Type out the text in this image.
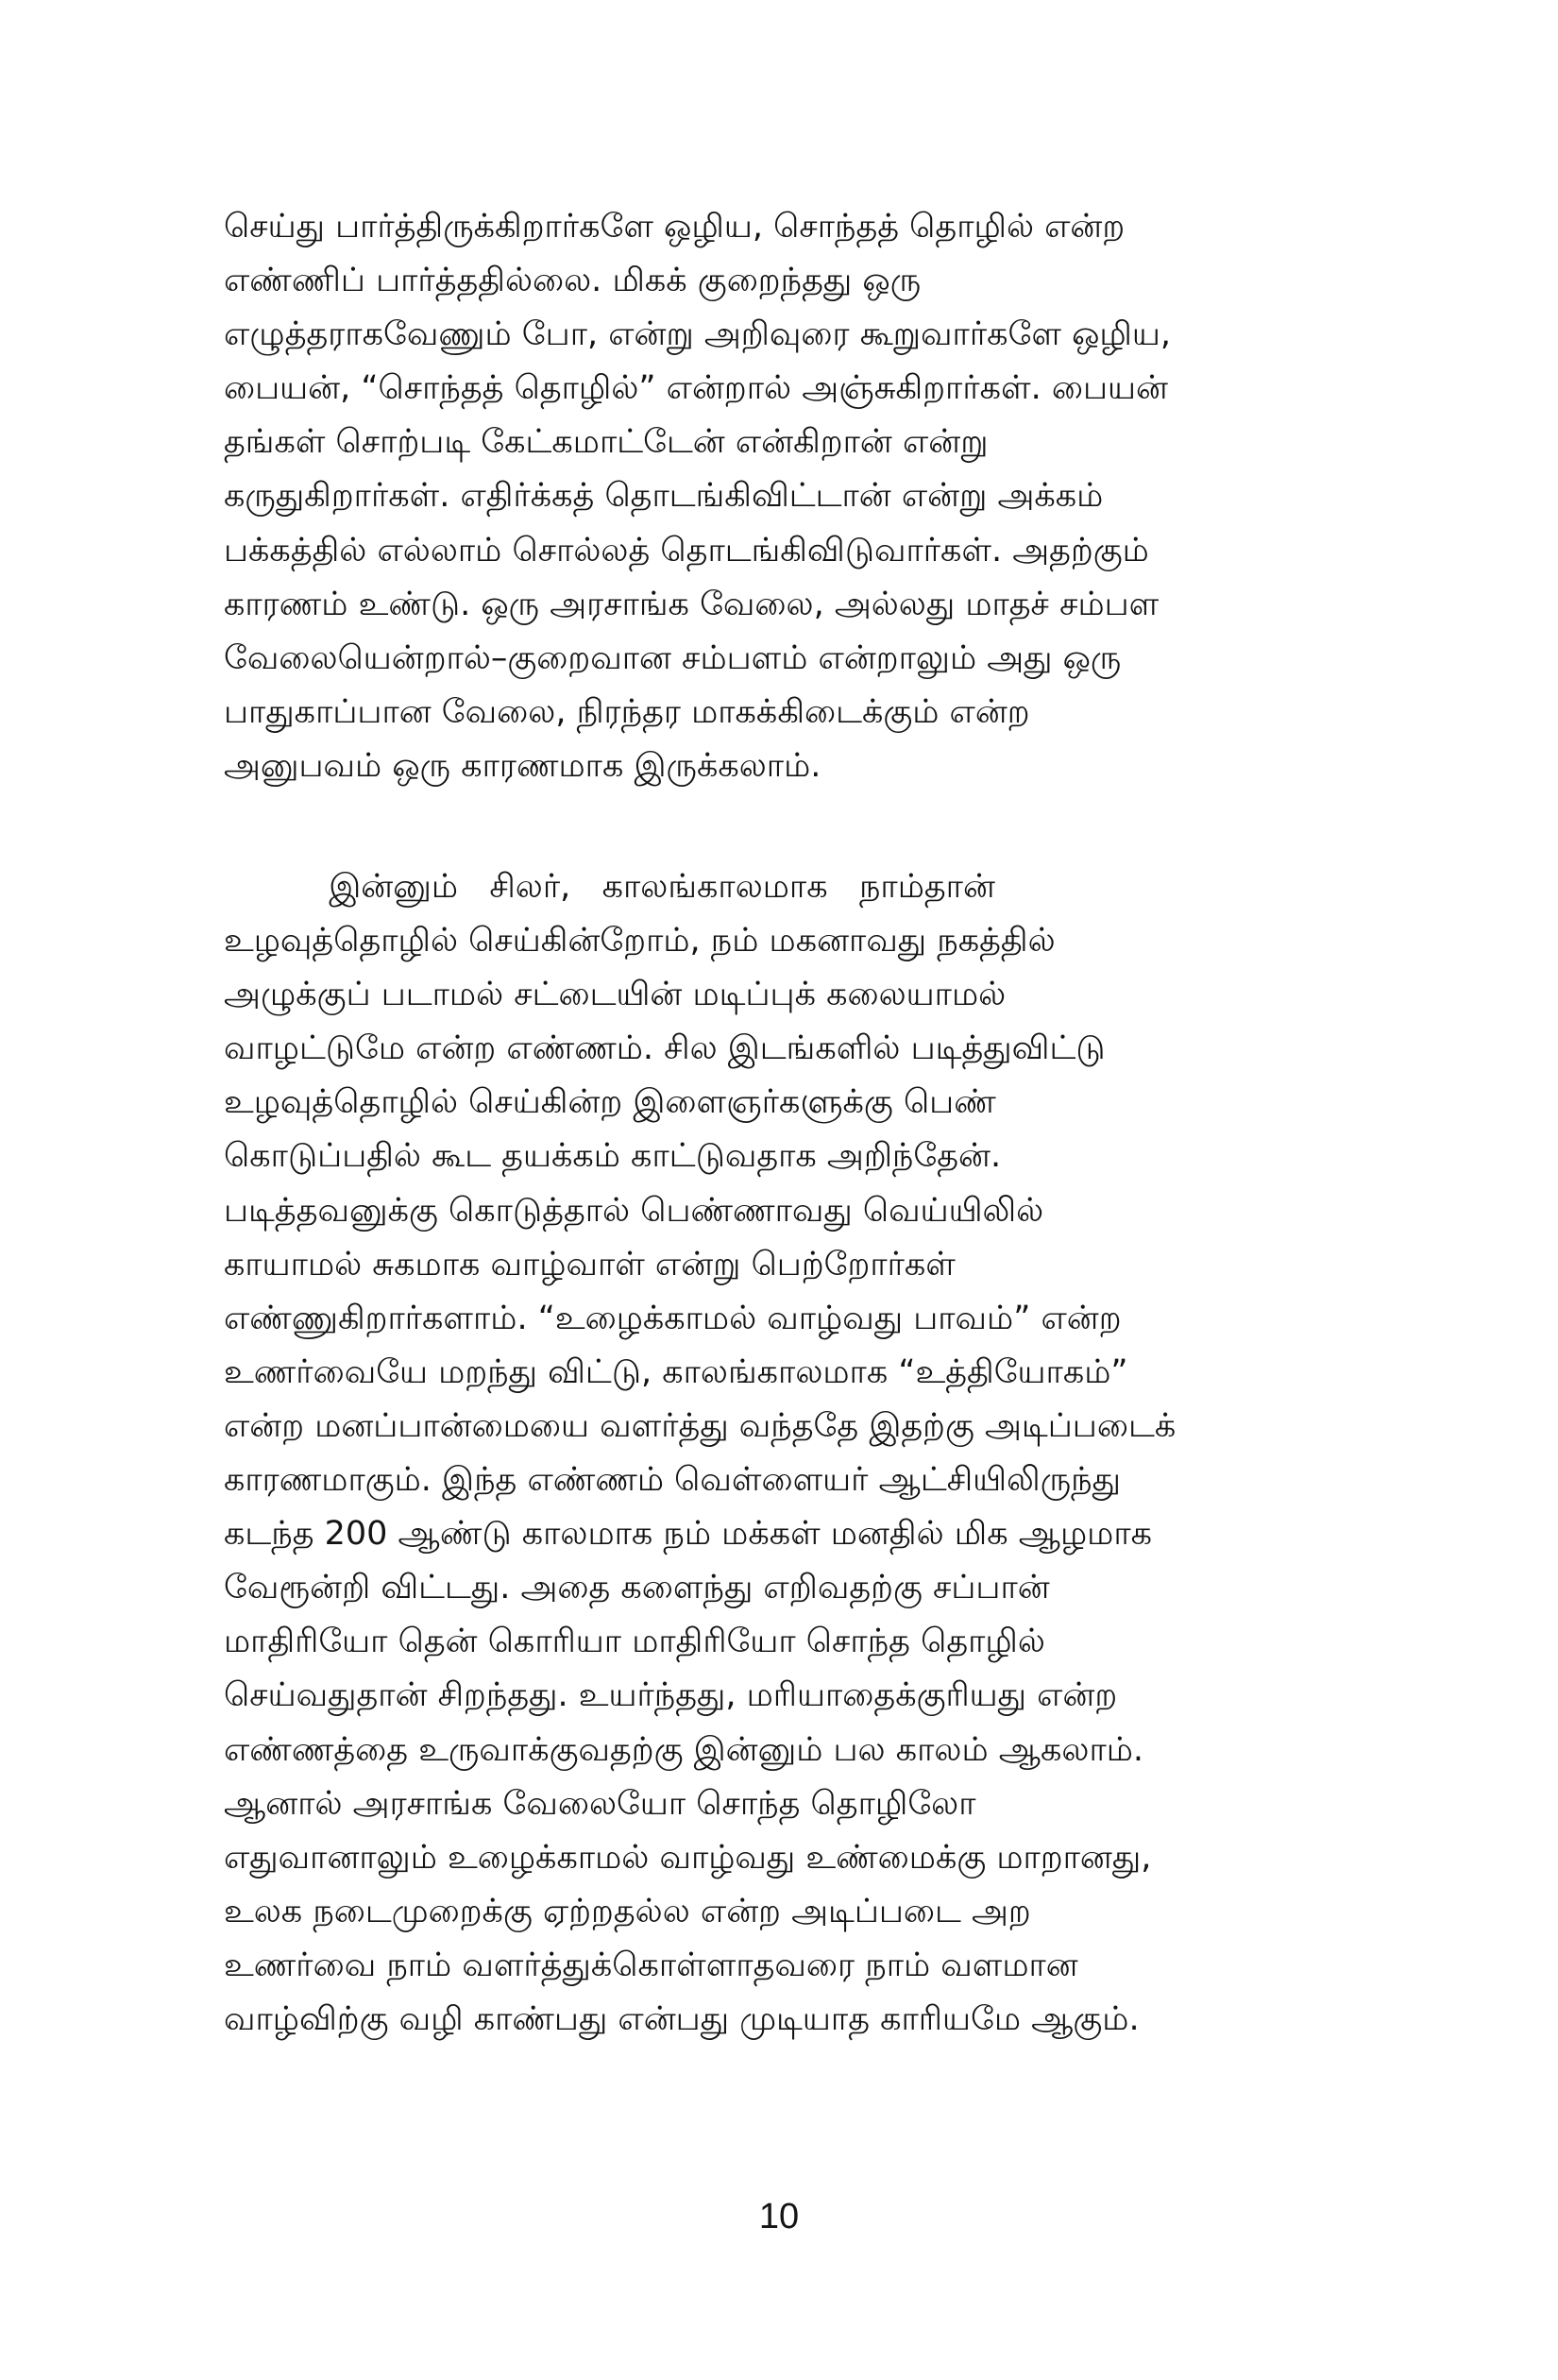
செய்து பார்த்திருக்கிறார்களே ஒழிய, சொந்தத் தொழில் என்ற
எண்ணிப் பார்த்ததில்லை. மிகக் குறைந்தது ஒரு
எழுத்தராகவேணும் போ, என்று அறிவுரை கூறுவார்களே ஒழிய,
பையன், “சொந்தத் தொழில்” என்றால் அஞ்சுகிறார்கள். பையன்
தங்கள் சொற்படி கேட்கமாட்டேன் என்கிறான் என்று
கருதுகிறார்கள். எதிர்க்கத் தொடங்கிவிட்டான் என்று அக்கம்
பக்கத்தில் எல்லாம் சொல்லத் தொடங்கிவிடுவார்கள். அதற்கும்
காரணம் உண்டு. ஒரு அரசாங்க வேலை, அல்லது மாதச் சம்பள
வேலையென்றால்–குறைவான சம்பளம் என்றாலும் அது ஒரு
பாதுகாப்பான வேலை, நிரந்தர மாகக்கிடைக்கும் என்ற
அனுபவம் ஒரு காரணமாக இருக்கலாம்.
இன்னும்   சிலர்,   காலங்காலமாக   நாம்தான்
உழவுத்தொழில் செய்கின்றோம், நம் மகனாவது நகத்தில்
அழுக்குப் படாமல் சட்டையின் மடிப்புக் கலையாமல்
வாழட்டுமே என்ற எண்ணம். சில இடங்களில் படித்துவிட்டு
உழவுத்தொழில் செய்கின்ற இளைஞர்களுக்கு பெண்
கொடுப்பதில் கூட தயக்கம் காட்டுவதாக அறிந்தேன்.
படித்தவனுக்கு கொடுத்தால் பெண்ணாவது வெய்யிலில்
காயாமல் சுகமாக வாழ்வாள் என்று பெற்றோர்கள்
எண்ணுகிறார்களாம். “உழைக்காமல் வாழ்வது பாவம்” என்ற
உணர்வையே மறந்து விட்டு, காலங்காலமாக “உத்தியோகம்”
என்ற மனப்பான்மையை வளர்த்து வந்ததே இதற்கு அடிப்படைக்
காரணமாகும். இந்த எண்ணம் வெள்ளையர் ஆட்சியிலிருந்து
கடந்த 200 ஆண்டு காலமாக நம் மக்கள் மனதில் மிக ஆழமாக
வேரூன்றி விட்டது. அதை களைந்து எறிவதற்கு சப்பான்
மாதிரியோ தென் கொரியா மாதிரியோ சொந்த தொழில்
செய்வதுதான் சிறந்தது. உயர்ந்தது, மரியாதைக்குரியது என்ற
எண்ணத்தை உருவாக்குவதற்கு இன்னும் பல காலம் ஆகலாம்.
ஆனால் அரசாங்க வேலையோ சொந்த தொழிலோ
எதுவானாலும் உழைக்காமல் வாழ்வது உண்மைக்கு மாறானது,
உலக நடைமுறைக்கு ஏற்றதல்ல என்ற அடிப்படை அற
உணர்வை நாம் வளர்த்துக்கொள்ளாதவரை நாம் வளமான
வாழ்விற்கு வழி காண்பது என்பது முடியாத காரியமே ஆகும்.
10
